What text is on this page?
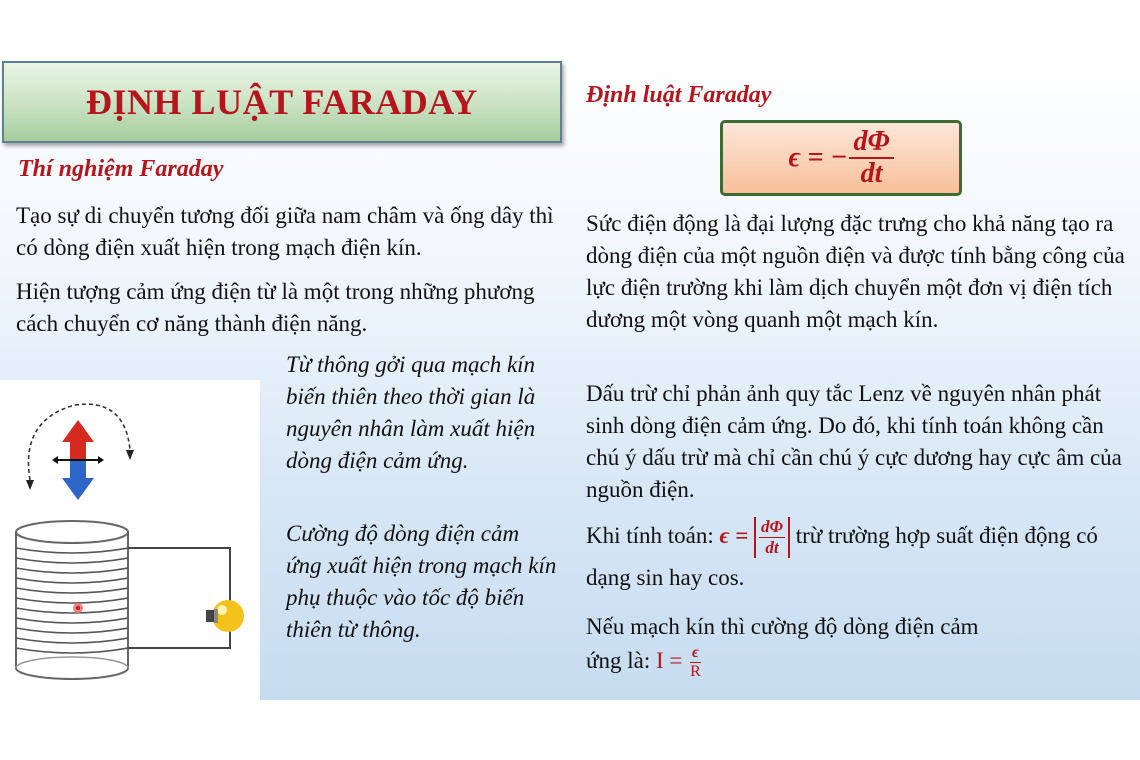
ĐỊNH LUẬT FARADAY
Thí nghiệm Faraday

Tạo sự di chuyển tương đối giữa nam châm và ống dây thì có dòng điện xuất hiện trong mạch điện kín.

Hiện tượng cảm ứng điện từ là một trong những phương cách chuyển cơ năng thành điện năng.

Từ thông gởi qua mạch kín biến thiên theo thời gian là nguyên nhân làm xuất hiện dòng điện cảm ứng.

Cường độ dòng điện cảm ứng xuất hiện trong mạch kín phụ thuộc vào tốc độ biến thiên từ thông.

Định luật Faraday
ϵ = − $\frac{d\Phi}{dt}$

Sức điện động là đại lượng đặc trưng cho khả năng tạo ra dòng điện của một nguồn điện và được tính bằng công của lực điện trường khi làm dịch chuyển một đơn vị điện tích dương một vòng quanh một mạch kín.

Dấu trừ chỉ phản ảnh quy tắc Lenz về nguyên nhân phát sinh dòng điện cảm ứng. Do đó, khi tính toán không cần chú ý dấu trừ mà chỉ cần chú ý cực dương hay cực âm của nguồn điện.

Khi tính toán: $\epsilon = \frac{d\Phi}{dt}$ trừ trường hợp suất điện động có dạng sin hay cos.

Nếu mạch kín thì cường độ dòng điện cảm ứng là: $I = \frac{\epsilon}{R}$
